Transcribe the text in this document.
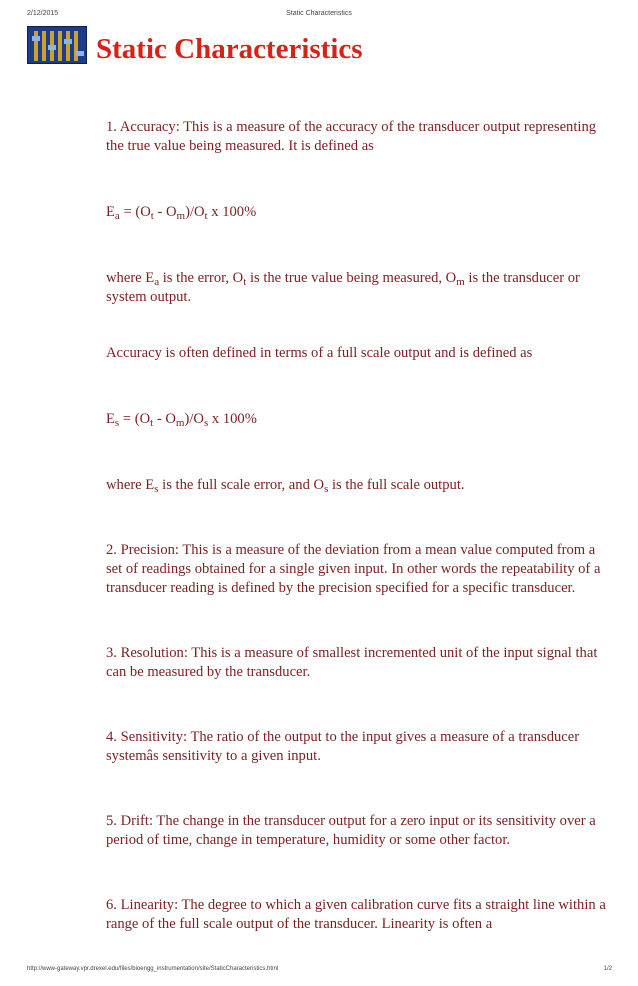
2/12/2015	Static Characteristics
Static Characteristics

1. Accuracy: This is a measure of the accuracy of the transducer output representing the true value being measured. It is defined as

$E_a = (O_t - O_m)/O_t$ x 100%

where $E_a$ is the error, $O_t$ is the true value being measured, $O_m$ is the transducer or system output.

Accuracy is often defined in terms of a full scale output and is defined as

$E_s = (O_t - O_m)/O_s$ x 100%

where $E_s$ is the full scale error, and $O_s$ is the full scale output.

2. Precision: This is a measure of the deviation from a mean value computed from a set of readings obtained for a single given input. In other words the repeatability of a transducer reading is defined by the precision specified for a specific transducer.

3. Resolution: This is a measure of smallest incremented unit of the input signal that can be measured by the transducer.

4. Sensitivity: The ratio of the output to the input gives a measure of a transducer systemâs sensitivity to a given input.

5. Drift: The change in the transducer output for a zero input or its sensitivity over a period of time, change in temperature, humidity or some other factor.

6. Linearity: The degree to which a given calibration curve fits a straight line within a range of the full scale output of the transducer. Linearity is often a

http://www-gateway.vpr.drexel.edu/files/bioengg_instrumentation/site/StaticCharacteristics.html	1/2
